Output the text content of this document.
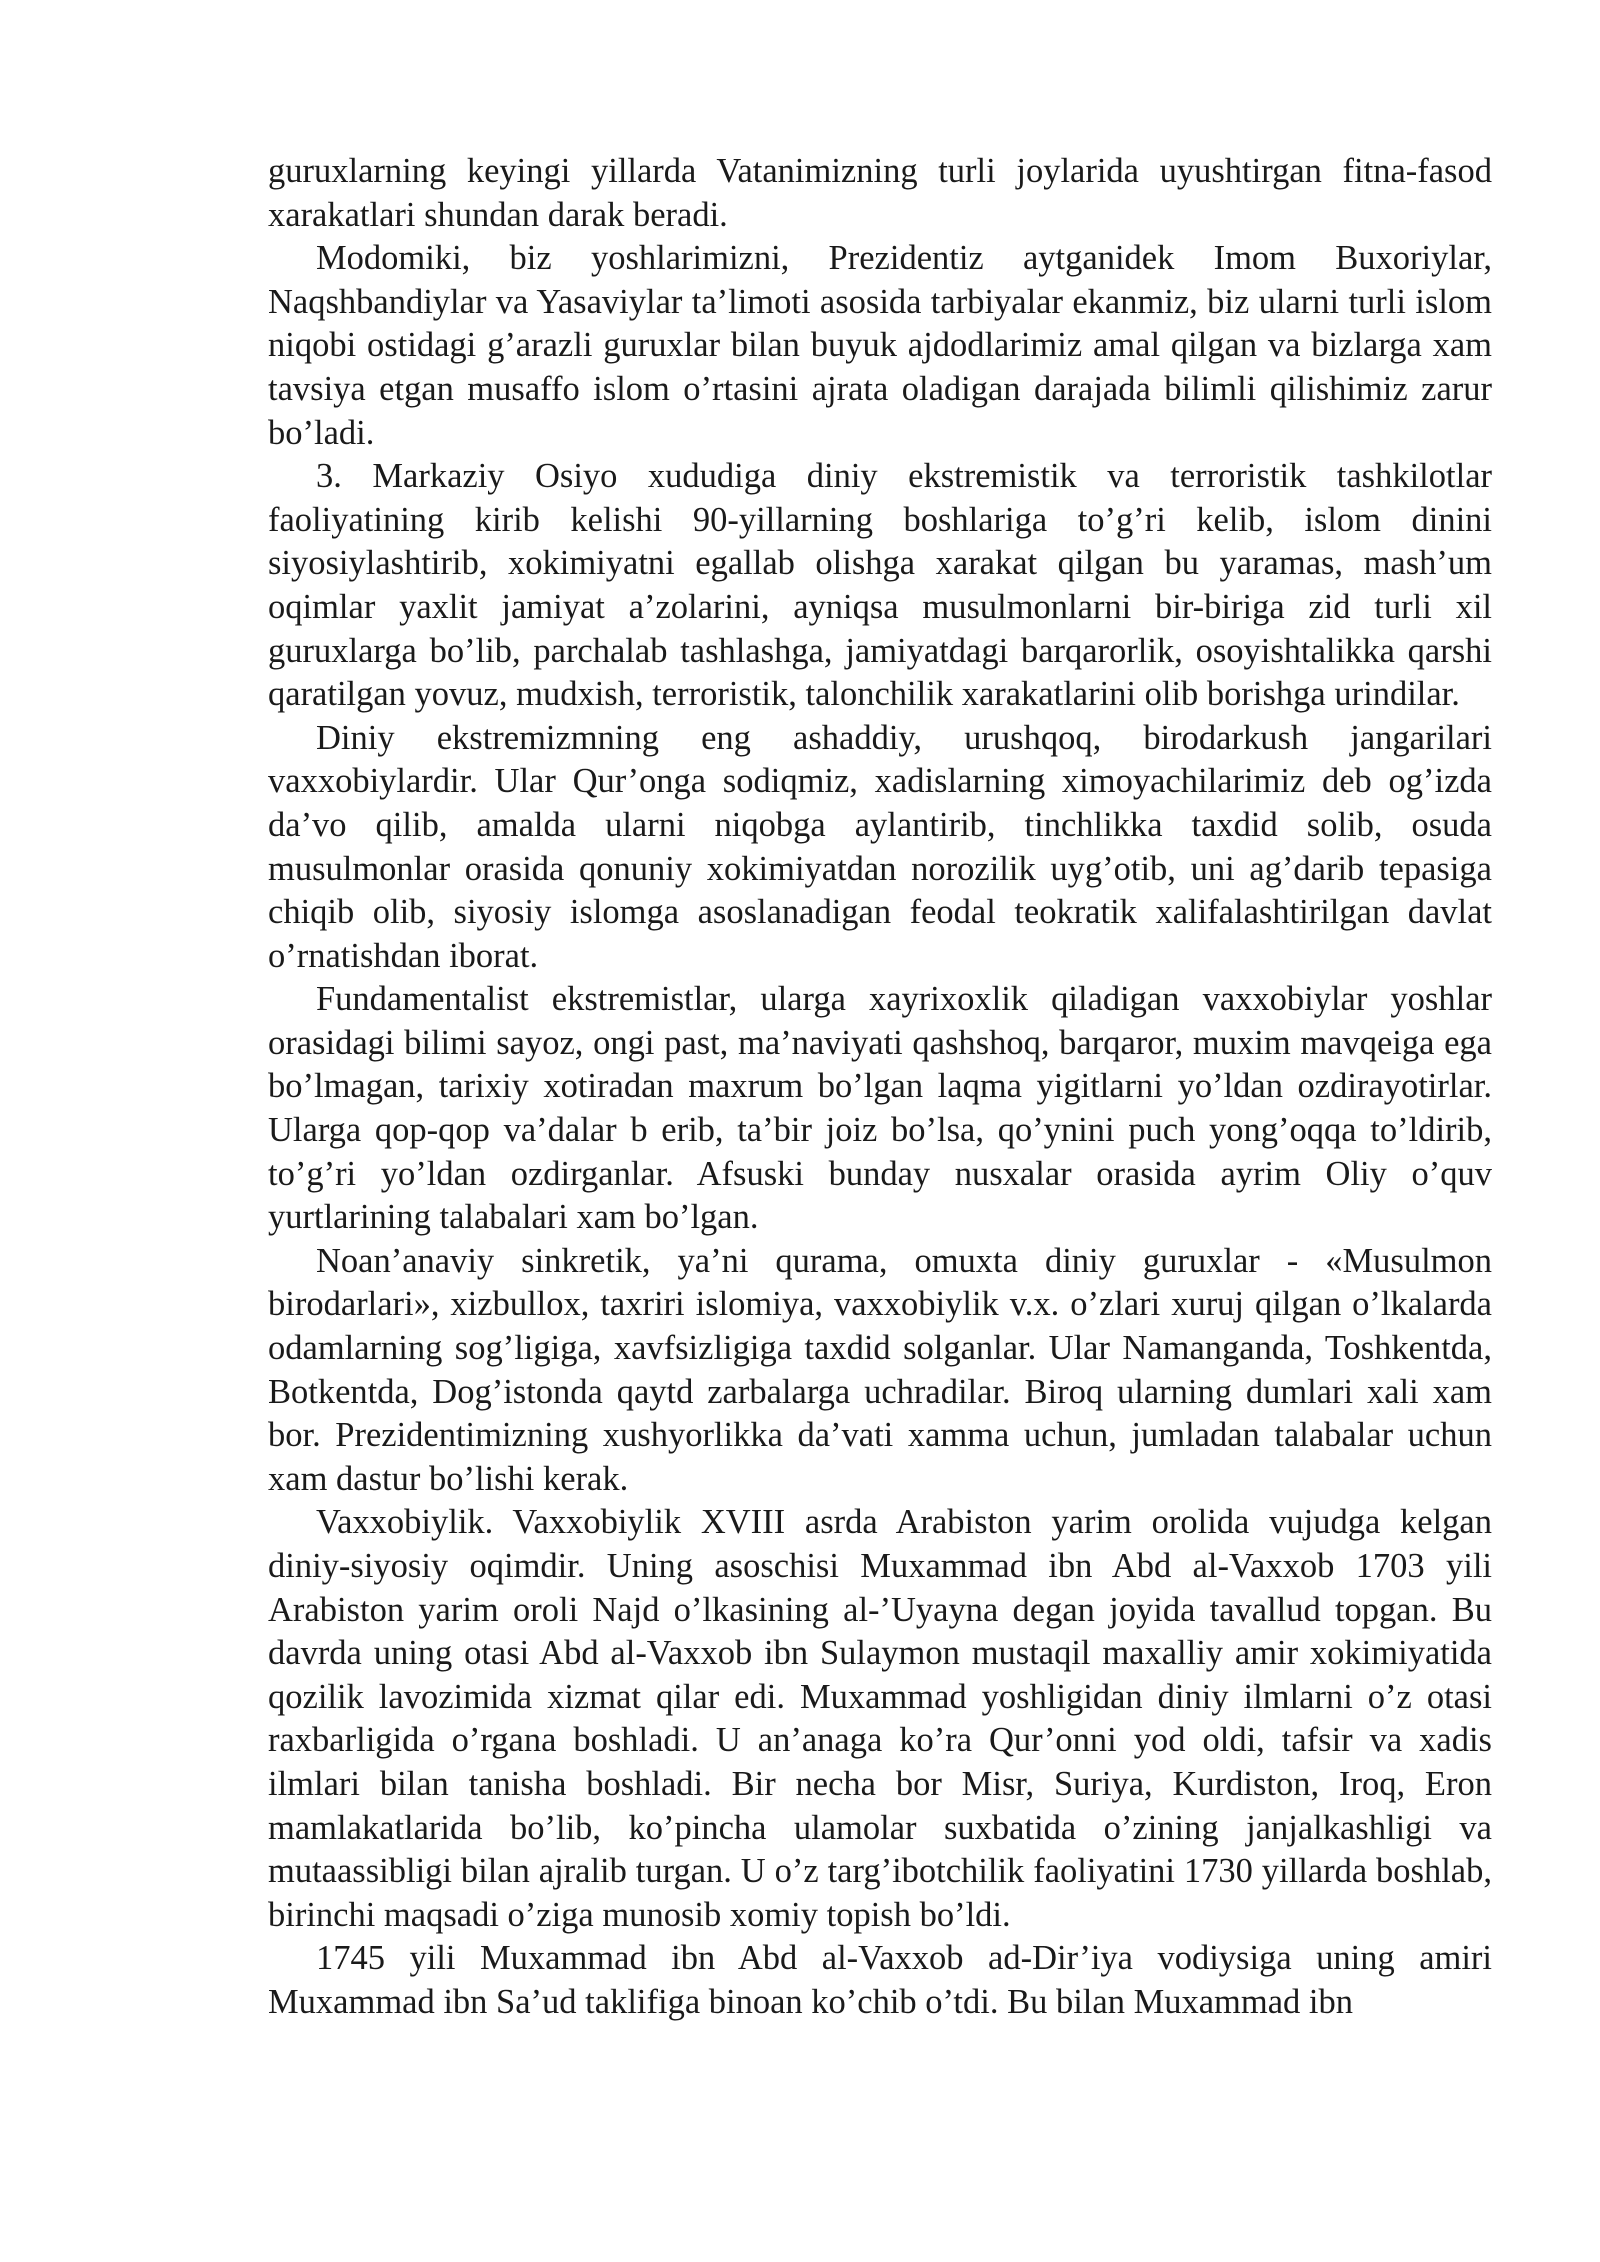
guruxlarning keyingi yillarda Vatanimizning turli joylarida uyushtirgan fitna-fasod xarakatlari shundan darak beradi.

Modomiki, biz yoshlarimizni, Prezidentiz aytganidek Imom Buxoriylar, Naqshbandiylar va Yasaviylar ta’limoti asosida tarbiyalar ekanmiz, biz ularni turli islom niqobi ostidagi g’arazli guruxlar bilan buyuk ajdodlarimiz amal qilgan va bizlarga xam tavsiya etgan musaffo islom o’rtasini ajrata oladigan darajada bilimli qilishimiz zarur bo’ladi.

3. Markaziy Osiyo xududiga diniy ekstremistik va terroristik tashkilotlar faoliyatining kirib kelishi 90-yillarning boshlariga to’g’ri kelib, islom dinini siyosiylashtirib, xokimiyatni egallab olishga xarakat qilgan bu yaramas, mash’um oqimlar yaxlit jamiyat a’zolarini, ayniqsa musulmonlarni bir-biriga zid turli xil guruxlarga bo’lib, parchalab tashlashga, jamiyatdagi barqarorlik, osoyishtalikka qarshi qaratilgan yovuz, mudxish, terroristik, talonchilik xarakatlarini olib borishga urindilar.

Diniy ekstremizmning eng ashaddiy, urushqoq, birodarkush jangarilari vaxxobiylardir. Ular Qur’onga sodiqmiz, xadislarning ximoyachilarimiz deb og’izda da’vo qilib, amalda ularni niqobga aylantirib, tinchlikka taxdid solib, osuda musulmonlar orasida qonuniy xokimiyatdan norozilik uyg’otib, uni ag’darib tepasiga chiqib olib, siyosiy islomga asoslanadigan feodal teokratik xalifalashtirilgan davlat o’rnatishdan iborat.

Fundamentalist ekstremistlar, ularga xayrixoxlik qiladigan vaxxobiylar yoshlar orasidagi bilimi sayoz, ongi past, ma’naviyati qashshoq, barqaror, muxim mavqeiga ega bo’lmagan, tarixiy xotiradan maxrum bo’lgan laqma yigitlarni yo’ldan ozdirayotirlar. Ularga qop-qop va’dalar b erib, ta’bir joiz bo’lsa, qo’ynini puch yong’oqqa to’ldirib, to’g’ri yo’ldan ozdirganlar. Afsuski bunday nusxalar orasida ayrim Oliy o’quv yurtlarining talabalari xam bo’lgan.

Noan’anaviy sinkretik, ya’ni qurama, omuxta diniy guruxlar - «Musulmon birodarlari», xizbullox, taxriri islomiya, vaxxobiylik v.x. o’zlari xuruj qilgan o’lkalarda odamlarning sog’ligiga, xavfsizligiga taxdid solganlar. Ular Namanganda, Toshkentda, Botkentda, Dog’istonda qaytd zarbalarga uchradilar. Biroq ularning dumlari xali xam bor. Prezidentimizning xushyorlikka da’vati xamma uchun, jumladan talabalar uchun xam dastur bo’lishi kerak.

Vaxxobiylik. Vaxxobiylik XVIII asrda Arabiston yarim orolida vujudga kelgan diniy-siyosiy oqimdir. Uning asoschisi Muxammad ibn Abd al-Vaxxob 1703 yili Arabiston yarim oroli Najd o’lkasining al-’Uyayna degan joyida tavallud topgan. Bu davrda uning otasi Abd al-Vaxxob ibn Sulaymon mustaqil maxalliy amir xokimiyatida qozilik lavozimida xizmat qilar edi. Muxammad yoshligidan diniy ilmlarni o’z otasi raxbarligida o’rgana boshladi. U an’anaga ko’ra Qur’onni yod oldi, tafsir va xadis ilmlari bilan tanisha boshladi. Bir necha bor Misr, Suriya, Kurdiston, Iroq, Eron mamlakatlarida bo’lib, ko’pincha ulamolar suxbatida o’zining janjalkashligi va mutaassibligi bilan ajralib turgan. U o’z targ’ibotchilik faoliyatini 1730 yillarda boshlab, birinchi maqsadi o’ziga munosib xomiy topish bo’ldi.

1745 yili Muxammad ibn Abd al-Vaxxob ad-Dir’iya vodiysiga uning amiri Muxammad ibn Sa’ud taklifiga binoan ko’chib o’tdi. Bu bilan Muxammad ibn
